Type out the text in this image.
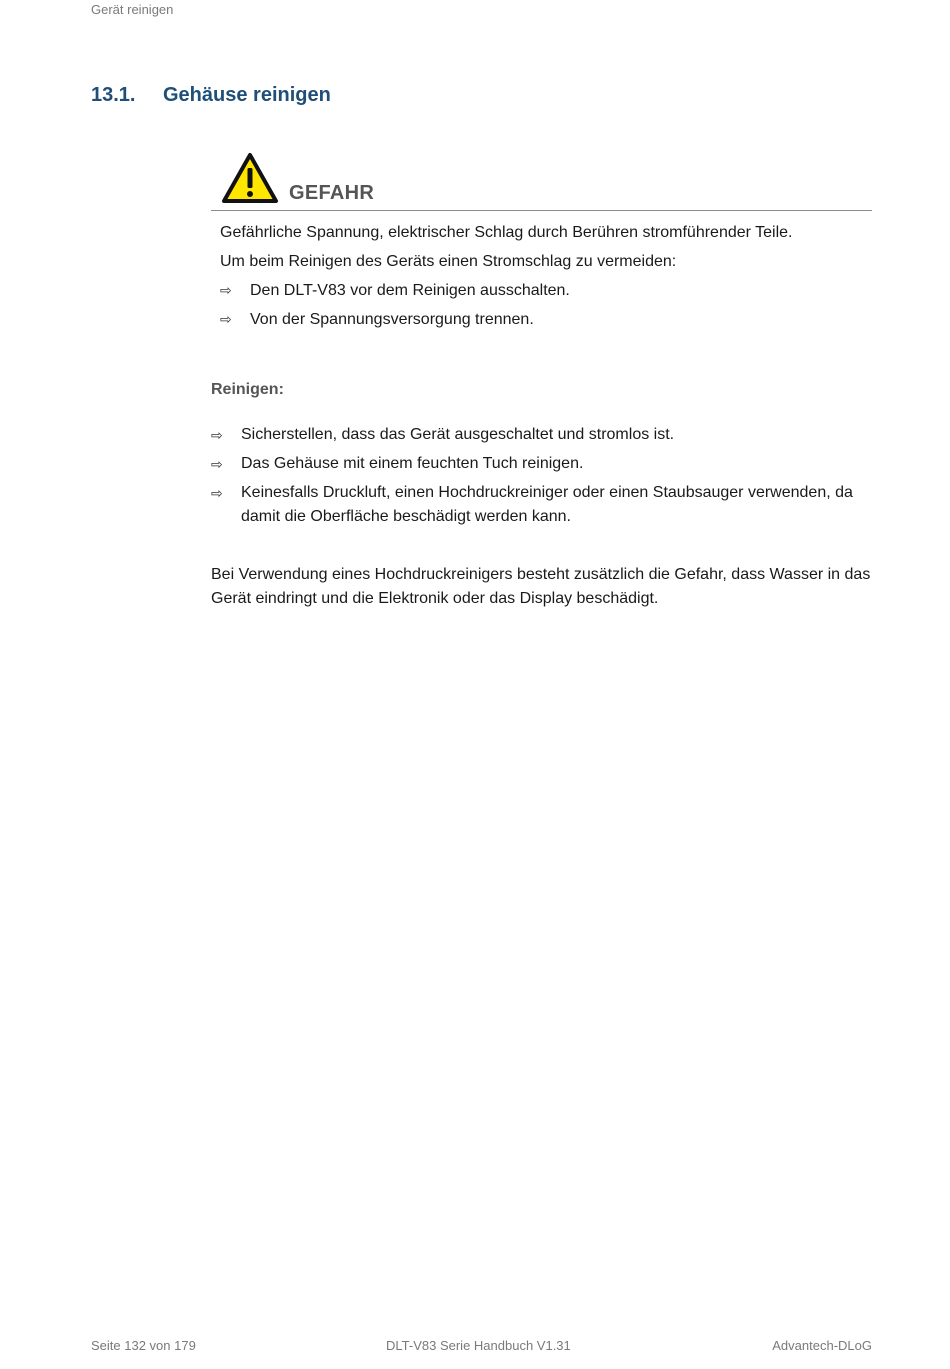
Gerät reinigen
13.1. Gehäuse reinigen
GEFAHR
Gefährliche Spannung, elektrischer Schlag durch Berühren stromführender Teile.
Um beim Reinigen des Geräts einen Stromschlag zu vermeiden:
⇨	Den DLT-V83 vor dem Reinigen ausschalten.
⇨	Von der Spannungsversorgung trennen.
Reinigen:
⇨	Sicherstellen, dass das Gerät ausgeschaltet und stromlos ist.
⇨	Das Gehäuse mit einem feuchten Tuch reinigen.
⇨	Keinesfalls Druckluft, einen Hochdruckreiniger oder einen Staubsauger verwenden, da damit die Oberfläche beschädigt werden kann.
Bei Verwendung eines Hochdruckreinigers besteht zusätzlich die Gefahr, dass Wasser in das Gerät eindringt und die Elektronik oder das Display beschädigt.
Seite 132 von 179	DLT-V83 Serie Handbuch V1.31	Advantech-DLoG
